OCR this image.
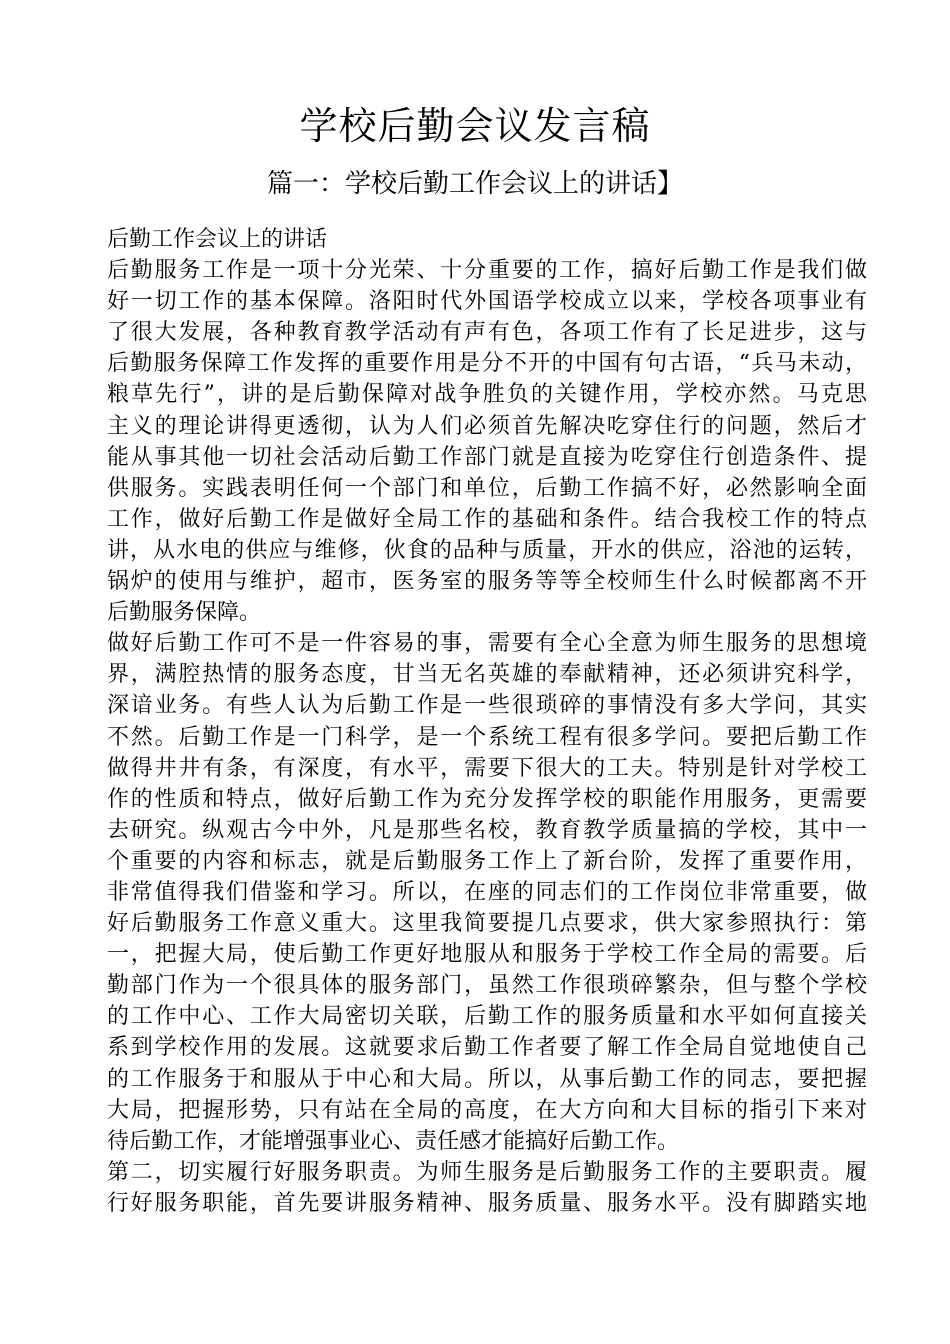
学校后勤会议发言稿
篇一：学校后勤工作会议上的讲话】
后勤工作会议上的讲话
后勤服务工作是一项十分光荣、十分重要的工作，搞好后勤工作是我们做
好一切工作的基本保障。洛阳时代外国语学校成立以来，学校各项事业有
了很大发展，各种教育教学活动有声有色，各项工作有了长足进步，这与
后勤服务保障工作发挥的重要作用是分不开的中国有句古语，“兵马未动，
粮草先行”，讲的是后勤保障对战争胜负的关键作用，学校亦然。马克思
主义的理论讲得更透彻，认为人们必须首先解决吃穿住行的问题，然后才
能从事其他一切社会活动后勤工作部门就是直接为吃穿住行创造条件、提
供服务。实践表明任何一个部门和单位，后勤工作搞不好，必然影响全面
工作，做好后勤工作是做好全局工作的基础和条件。结合我校工作的特点
讲，从水电的供应与维修，伙食的品种与质量，开水的供应，浴池的运转，
锅炉的使用与维护，超市，医务室的服务等等全校师生什么时候都离不开
后勤服务保障。
做好后勤工作可不是一件容易的事，需要有全心全意为师生服务的思想境
界，满腔热情的服务态度，甘当无名英雄的奉献精神，还必须讲究科学，
深谙业务。有些人认为后勤工作是一些很琐碎的事情没有多大学问，其实
不然。后勤工作是一门科学，是一个系统工程有很多学问。要把后勤工作
做得井井有条，有深度，有水平，需要下很大的工夫。特别是针对学校工
作的性质和特点，做好后勤工作为充分发挥学校的职能作用服务，更需要
去研究。纵观古今中外，凡是那些名校，教育教学质量搞的学校，其中一
个重要的内容和标志，就是后勤服务工作上了新台阶，发挥了重要作用，
非常值得我们借鉴和学习。所以，在座的同志们的工作岗位非常重要，做
好后勤服务工作意义重大。这里我简要提几点要求，供大家参照执行：第
一，把握大局，使后勤工作更好地服从和服务于学校工作全局的需要。后
勤部门作为一个很具体的服务部门，虽然工作很琐碎繁杂，但与整个学校
的工作中心、工作大局密切关联，后勤工作的服务质量和水平如何直接关
系到学校作用的发展。这就要求后勤工作者要了解工作全局自觉地使自己
的工作服务于和服从于中心和大局。所以，从事后勤工作的同志，要把握
大局，把握形势，只有站在全局的高度，在大方向和大目标的指引下来对
待后勤工作，才能增强事业心、责任感才能搞好后勤工作。
第二，切实履行好服务职责。为师生服务是后勤服务工作的主要职责。履
行好服务职能，首先要讲服务精神、服务质量、服务水平。没有脚踏实地
